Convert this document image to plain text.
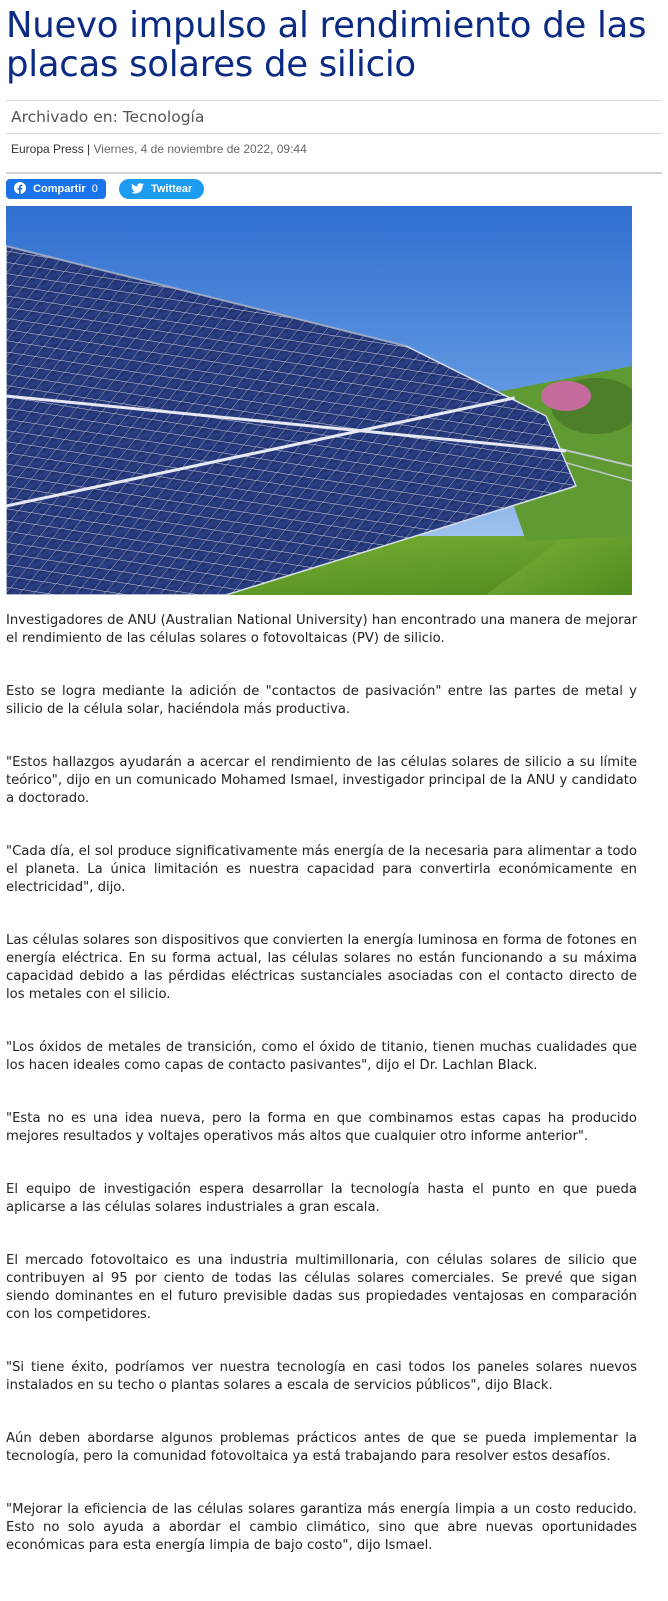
Nuevo impulso al rendimiento de las placas solares de silicio
Archivado en: Tecnología
Europa Press | Viernes, 4 de noviembre de 2022, 09:44
Compartir 0	Twittear

Investigadores de ANU (Australian National University) han encontrado una manera de mejorar el rendimiento de las células solares o fotovoltaicas (PV) de silicio.

Esto se logra mediante la adición de "contactos de pasivación" entre las partes de metal y silicio de la célula solar, haciéndola más productiva.

"Estos hallazgos ayudarán a acercar el rendimiento de las células solares de silicio a su límite teórico", dijo en un comunicado Mohamed Ismael, investigador principal de la ANU y candidato a doctorado.

"Cada día, el sol produce significativamente más energía de la necesaria para alimentar a todo el planeta. La única limitación es nuestra capacidad para convertirla económicamente en electricidad", dijo.

Las células solares son dispositivos que convierten la energía luminosa en forma de fotones en energía eléctrica. En su forma actual, las células solares no están funcionando a su máxima capacidad debido a las pérdidas eléctricas sustanciales asociadas con el contacto directo de los metales con el silicio.

"Los óxidos de metales de transición, como el óxido de titanio, tienen muchas cualidades que los hacen ideales como capas de contacto pasivantes", dijo el Dr. Lachlan Black.

"Esta no es una idea nueva, pero la forma en que combinamos estas capas ha producido mejores resultados y voltajes operativos más altos que cualquier otro informe anterior".

El equipo de investigación espera desarrollar la tecnología hasta el punto en que pueda aplicarse a las células solares industriales a gran escala.

El mercado fotovoltaico es una industria multimillonaria, con células solares de silicio que contribuyen al 95 por ciento de todas las células solares comerciales. Se prevé que sigan siendo dominantes en el futuro previsible dadas sus propiedades ventajosas en comparación con los competidores.

"Si tiene éxito, podríamos ver nuestra tecnología en casi todos los paneles solares nuevos instalados en su techo o plantas solares a escala de servicios públicos", dijo Black.

Aún deben abordarse algunos problemas prácticos antes de que se pueda implementar la tecnología, pero la comunidad fotovoltaica ya está trabajando para resolver estos desafíos.

"Mejorar la eficiencia de las células solares garantiza más energía limpia a un costo reducido. Esto no solo ayuda a abordar el cambio climático, sino que abre nuevas oportunidades económicas para esta energía limpia de bajo costo", dijo Ismael.
